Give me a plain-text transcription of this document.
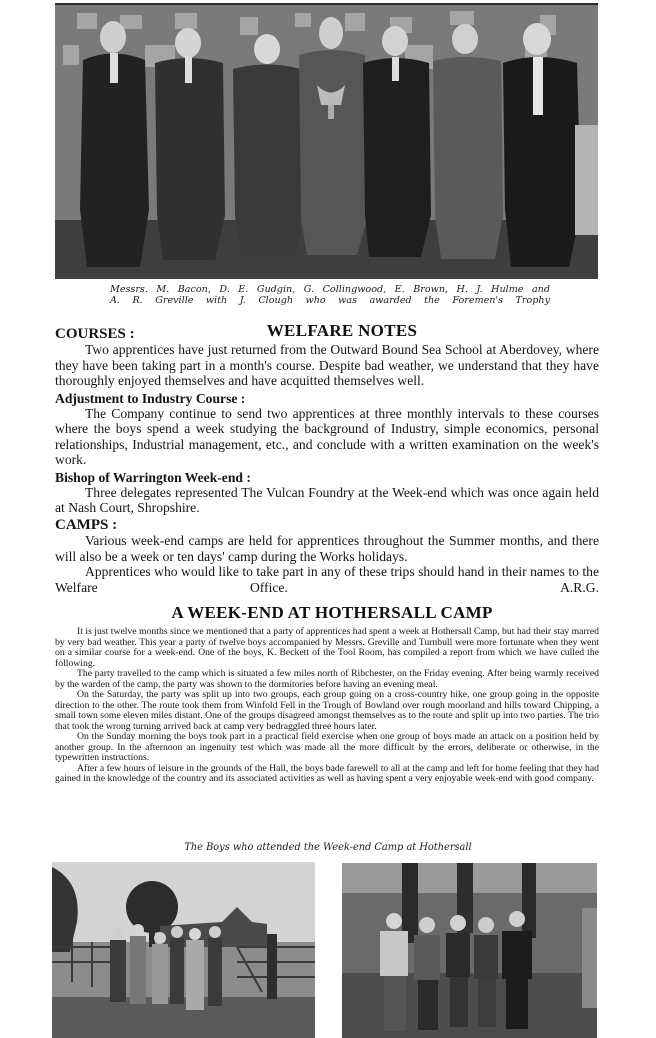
Messrs. M. Bacon, D. E. Gudgin, G. Collingwood, E. Brown, H. J. Hulme and
A. R. Greville with J. Clough who was awarded the Foremen's Trophy
WELFARE NOTES
COURSES :

Two apprentices have just returned from the Outward Bound Sea School at Aberdovey, where they have been taking part in a month's course. Despite bad weather, we understand that they have thoroughly enjoyed themselves and have acquitted themselves well.

Adjustment to Industry Course :

The Company continue to send two apprentices at three monthly intervals to these courses where the boys spend a week studying the background of Industry, simple economics, personal relationships, Industrial management, etc., and conclude with a written examination on the week's work.

Bishop of Warrington Week-end :

Three delegates represented The Vulcan Foundry at the Week-end which was once again held at Nash Court, Shropshire.

CAMPS :

Various week-end camps are held for apprentices throughout the Summer months, and there will also be a week or ten days' camp during the Works holidays.

Apprentices who would like to take part in any of these trips should hand in their names to the Welfare Office.	A.R.G.

A WEEK-END AT HOTHERSALL CAMP

It is just twelve months since we mentioned that a party of apprentices had spent a week at Hothersall Camp, but had their stay marred by very bad weather. This year a party of twelve boys accompanied by Messrs. Greville and Turnbull were more fortunate when they went on a similar course for a week-end. One of the boys, K. Beckett of the Tool Room, has compiled a report from which we have culled the following.

The party travelled to the camp which is situated a few miles north of Ribchester, on the Friday evening. After being warmly received by the warden of the camp, the party was shown to the dormitories before having an evening meal.

On the Saturday, the party was split up into two groups, each group going on a cross-country hike, one group going in the opposite direction to the other. The route took them from Winfold Fell in the Trough of Bowland over rough moorland and hills toward Chipping, a small town some eleven miles distant. One of the groups disagreed amongst themselves as to the route and split up into two parties. The trio that took the wrong turning arrived back at camp very bedraggled three hours later.

On the Sunday morning the boys took part in a practical field exercise when one group of boys made an attack on a position held by another group. In the afternoon an ingenuity test which was made all the more difficult by the errors, deliberate or otherwise, in the typewritten instructions.

After a few hours of leisure in the grounds of the Hall, the boys bade farewell to all at the camp and left for home feeling that they had gained in the knowledge of the country and its associated activities as well as having spent a very enjoyable week-end with good company.

The Boys who attended the Week-end Camp at Hothersall
